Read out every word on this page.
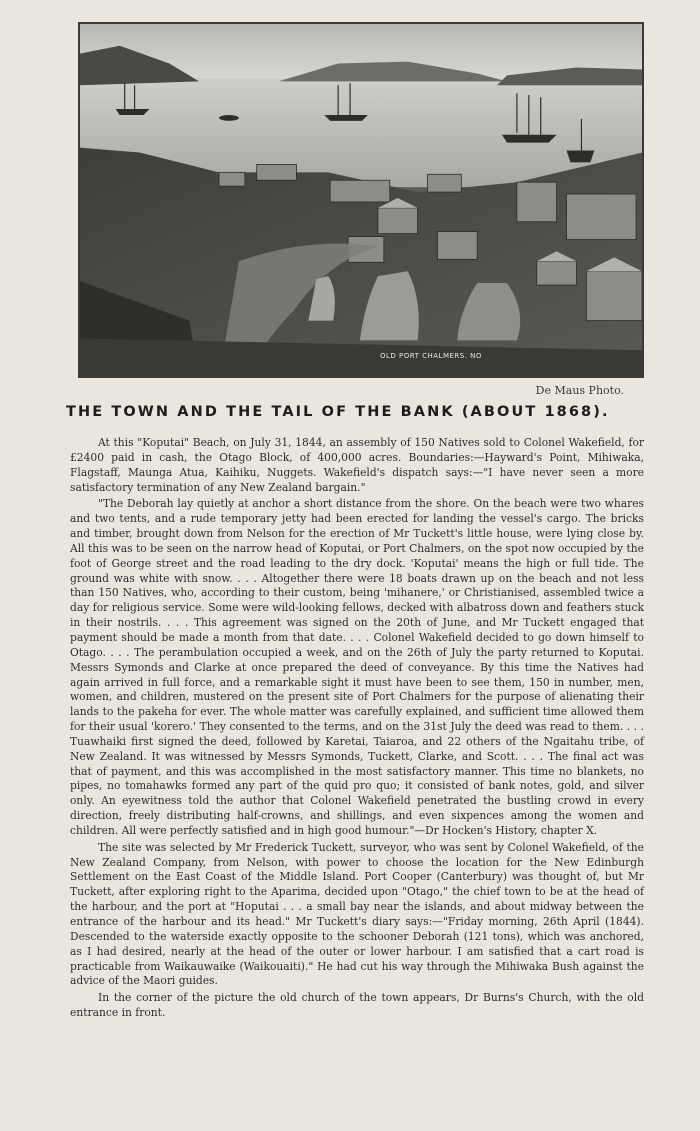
OLD PORT CHALMERS. NO
De Maus Photo.
THE TOWN AND THE TAIL OF THE BANK (ABOUT 1868).

At this "Koputai" Beach, on July 31, 1844, an assembly of 150 Natives sold to Colonel Wakefield, for £2400 paid in cash, the Otago Block, of 400,000 acres. Boundaries:—Hayward's Point, Mihiwaka, Flagstaff, Maunga Atua, Kaihiku, Nuggets. Wakefield's dispatch says:—"I have never seen a more satisfactory termination of any New Zealand bargain."

"The Deborah lay quietly at anchor a short distance from the shore. On the beach were two whares and two tents, and a rude temporary jetty had been erected for landing the vessel's cargo. The bricks and timber, brought down from Nelson for the erection of Mr Tuckett's little house, were lying close by. All this was to be seen on the narrow head of Koputai, or Port Chalmers, on the spot now occupied by the foot of George street and the road leading to the dry dock. 'Koputai' means the high or full tide. The ground was white with snow. . . . Altogether there were 18 boats drawn up on the beach and not less than 150 Natives, who, according to their custom, being 'mihanere,' or Christianised, assembled twice a day for religious service. Some were wild-looking fellows, decked with albatross down and feathers stuck in their nostrils. . . . This agreement was signed on the 20th of June, and Mr Tuckett engaged that payment should be made a month from that date. . . . Colonel Wakefield decided to go down himself to Otago. . . . The perambulation occupied a week, and on the 26th of July the party returned to Koputai. Messrs Symonds and Clarke at once prepared the deed of conveyance. By this time the Natives had again arrived in full force, and a remarkable sight it must have been to see them, 150 in number, men, women, and children, mustered on the present site of Port Chalmers for the purpose of alienating their lands to the pakeha for ever. The whole matter was carefully explained, and sufficient time allowed them for their usual 'korero.' They consented to the terms, and on the 31st July the deed was read to them. . . . Tuawhaiki first signed the deed, followed by Karetai, Taiaroa, and 22 others of the Ngaitahu tribe, of New Zealand. It was witnessed by Messrs Symonds, Tuckett, Clarke, and Scott. . . . The final act was that of payment, and this was accomplished in the most satisfactory manner. This time no blankets, no pipes, no tomahawks formed any part of the quid pro quo; it consisted of bank notes, gold, and silver only. An eyewitness told the author that Colonel Wakefield penetrated the bustling crowd in every direction, freely distributing half-crowns, and shillings, and even sixpences among the women and children. All were perfectly satisfied and in high good humour."—Dr Hocken's History, chapter X.

The site was selected by Mr Frederick Tuckett, surveyor, who was sent by Colonel Wakefield, of the New Zealand Company, from Nelson, with power to choose the location for the New Edinburgh Settlement on the East Coast of the Middle Island. Port Cooper (Canterbury) was thought of, but Mr Tuckett, after exploring right to the Aparima, decided upon "Otago," the chief town to be at the head of the harbour, and the port at "Hoputai . . . a small bay near the islands, and about midway between the entrance of the harbour and its head." Mr Tuckett's diary says:—"Friday morning, 26th April (1844). Descended to the waterside exactly opposite to the schooner Deborah (121 tons), which was anchored, as I had desired, nearly at the head of the outer or lower harbour. I am satisfied that a cart road is practicable from Waikauwaike (Waikouaiti)." He had cut his way through the Mihiwaka Bush against the advice of the Maori guides.

In the corner of the picture the old church of the town appears, Dr Burns's Church, with the old entrance in front.
